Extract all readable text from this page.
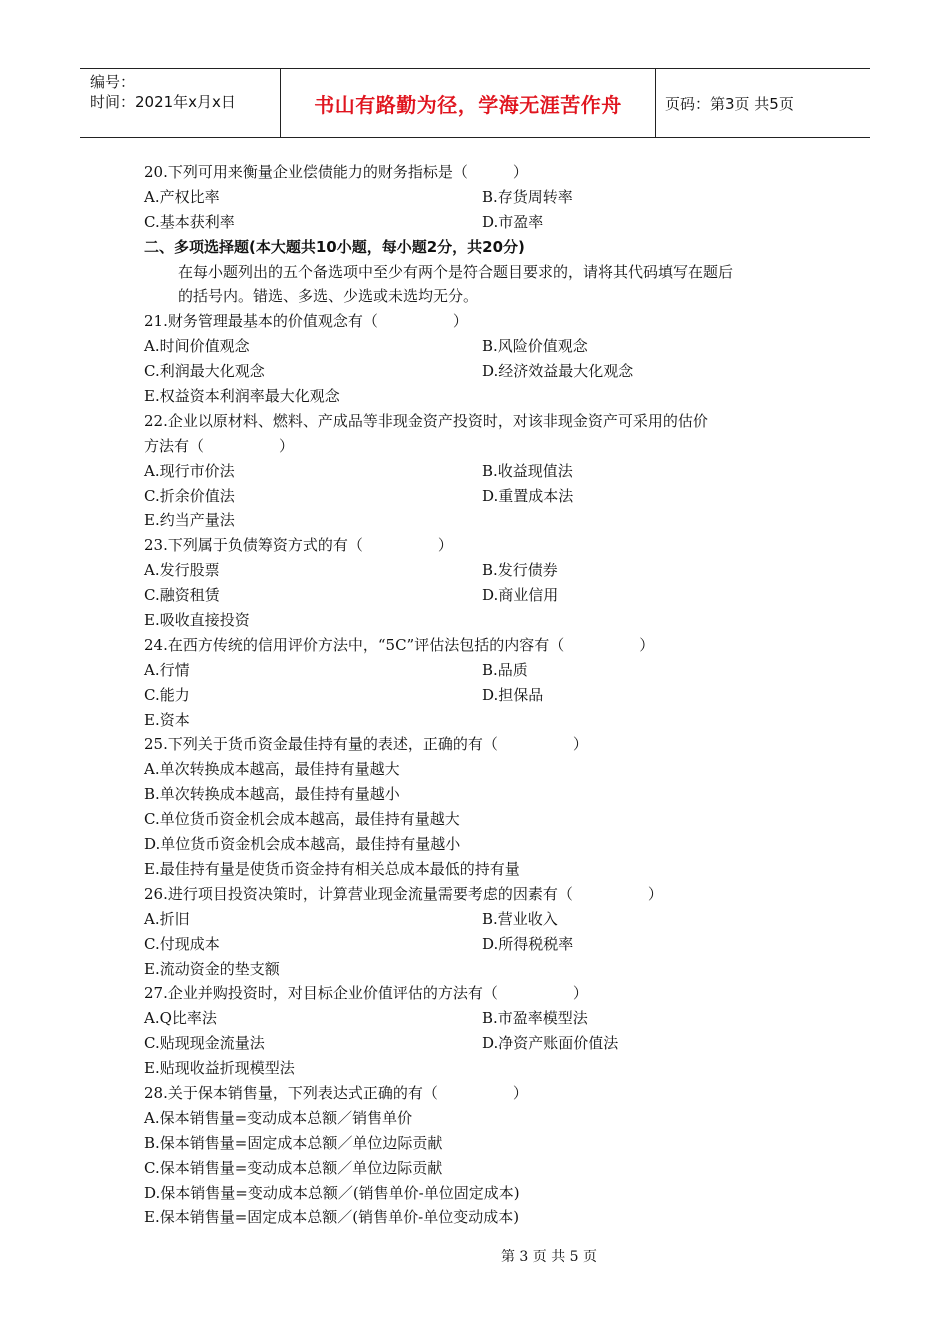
编号：
时间：2021年x月x日	书山有路勤为径，学海无涯苦作舟	页码：第3页 共5页
20.下列可用来衡量企业偿债能力的财务指标是（　　　）
A.产权比率	B.存货周转率
C.基本获利率	D.市盈率
二、多项选择题(本大题共10小题，每小题2分，共20分)
在每小题列出的五个备选项中至少有两个是符合题目要求的，请将其代码填写在题后
的括号内。错选、多选、少选或未选均无分。
21.财务管理最基本的价值观念有（　　　　　）
A.时间价值观念	B.风险价值观念
C.利润最大化观念	D.经济效益最大化观念
E.权益资本利润率最大化观念
22.企业以原材料、燃料、产成品等非现金资产投资时，对该非现金资产可采用的估价
方法有（　　　　　）
A.现行市价法	B.收益现值法
C.折余价值法	D.重置成本法
E.约当产量法
23.下列属于负债筹资方式的有（　　　　　）
A.发行股票	B.发行债券
C.融资租赁	D.商业信用
E.吸收直接投资
24.在西方传统的信用评价方法中，“5C”评估法包括的内容有（　　　　　）
A.行情	B.品质
C.能力	D.担保品
E.资本
25.下列关于货币资金最佳持有量的表述，正确的有（　　　　　）
A.单次转换成本越高，最佳持有量越大
B.单次转换成本越高，最佳持有量越小
C.单位货币资金机会成本越高，最佳持有量越大
D.单位货币资金机会成本越高，最佳持有量越小
E.最佳持有量是使货币资金持有相关总成本最低的持有量
26.进行项目投资决策时，计算营业现金流量需要考虑的因素有（　　　　　）
A.折旧	B.营业收入
C.付现成本	D.所得税税率
E.流动资金的垫支额
27.企业并购投资时，对目标企业价值评估的方法有（　　　　　）
A.Q比率法	B.市盈率模型法
C.贴现现金流量法	D.净资产账面价值法
E.贴现收益折现模型法
28.关于保本销售量，下列表达式正确的有（　　　　　）
A.保本销售量=变动成本总额／销售单价
B.保本销售量=固定成本总额／单位边际贡献
C.保本销售量=变动成本总额／单位边际贡献
D.保本销售量=变动成本总额／(销售单价-单位固定成本)
E.保本销售量=固定成本总额／(销售单价-单位变动成本)
第 3 页 共 5 页
